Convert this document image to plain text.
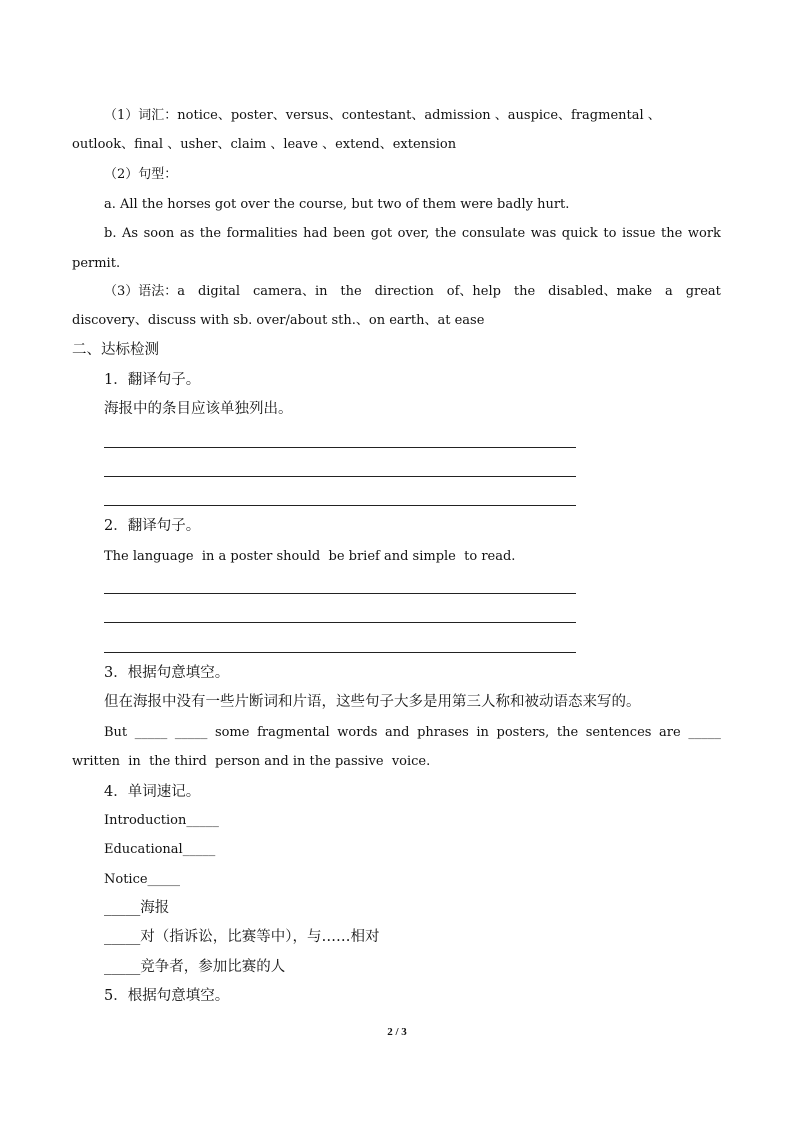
（1）词汇：notice、poster、versus、contestant、admission 、auspice、fragmental 、
outlook、final 、usher、claim 、leave 、extend、extension
（2）句型：
a. All the horses got over the course, but two of them were badly hurt.
b. As soon as the formalities had been got over, the consulate was quick to issue the work
permit.
（3）语法：a digital camera、in the direction of、help the disabled、make a great
discovery、discuss with sb. over/about sth.、on earth、at ease
二、达标检测
1．翻译句子。
海报中的条目应该单独列出。
2．翻译句子。
The language  in a poster should  be brief and simple  to read.
3．根据句意填空。
但在海报中没有一些片断词和片语，这些句子大多是用第三人称和被动语态来写的。
But _____ _____ some fragmental words and phrases in posters, the sentences are _____
written  in  the third  person and in the passive  voice.
4．单词速记。
Introduction_____
Educational_____
Notice_____
_____海报
_____对（指诉讼，比赛等中），与……相对
_____竞争者，参加比赛的人
5．根据句意填空。
2 / 3
